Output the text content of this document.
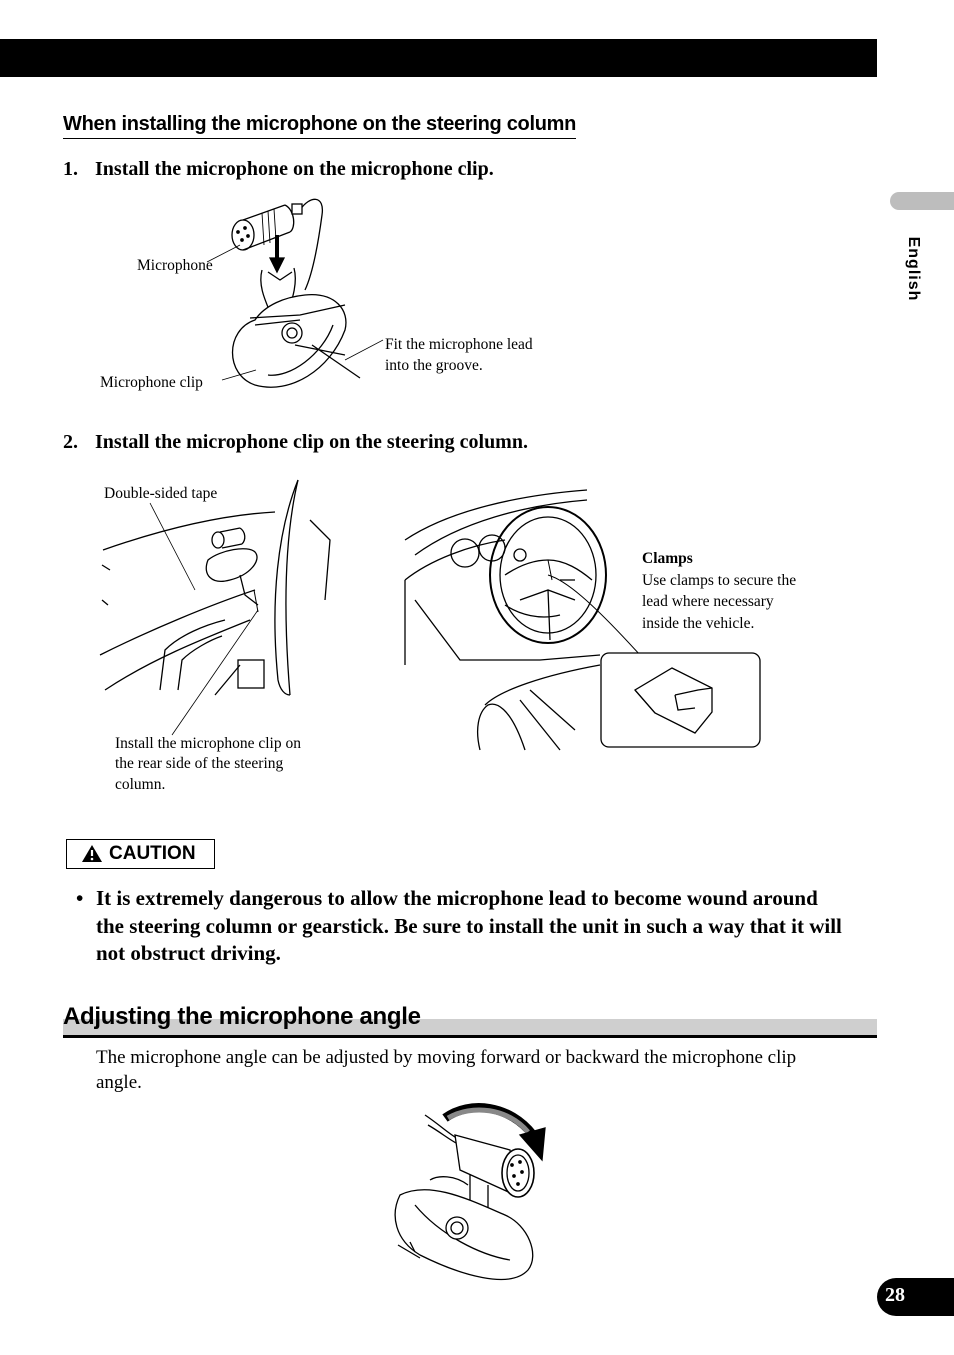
English
When installing the microphone on the steering column
1. Install the microphone on the microphone clip.
Microphone
Microphone clip
Fit the microphone lead
into the groove.
2. Install the microphone clip on the steering column.
Double-sided tape
Install the microphone clip on
the rear side of the steering
column.
Clamps
Use clamps to secure the
lead where necessary
inside the vehicle.
CAUTION
• It is extremely dangerous to allow the microphone lead to become wound around the steering column or gearstick. Be sure to install the unit in such a way that it will not obstruct driving.
Adjusting the microphone angle
The microphone angle can be adjusted by moving forward or backward the microphone clip angle.
28
